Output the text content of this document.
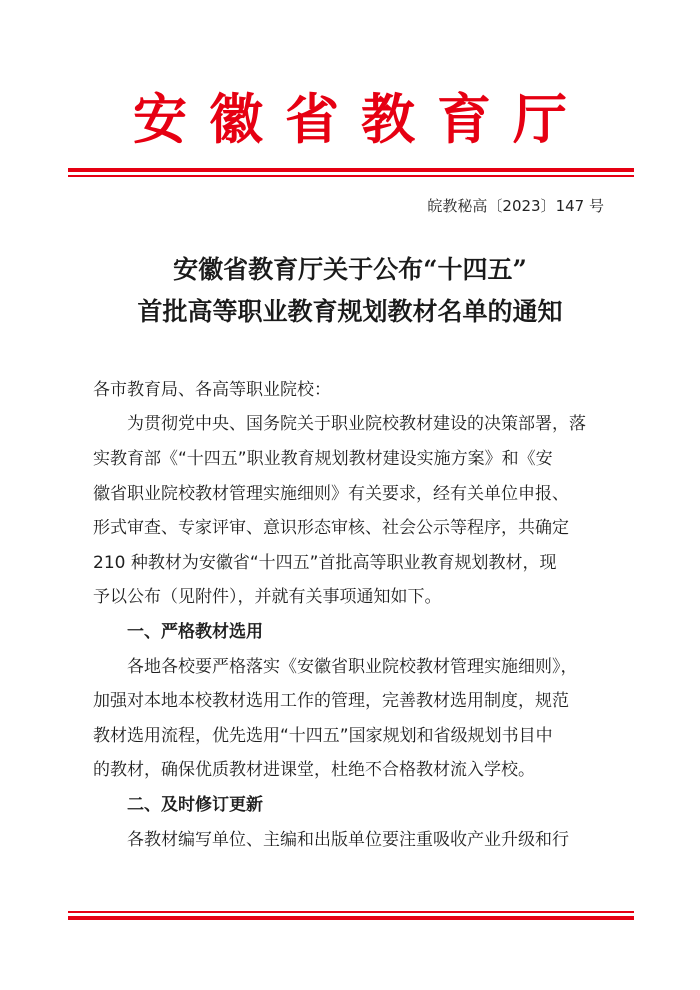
安徽省教育厅
皖教秘高〔2023〕147 号
安徽省教育厅关于公布“十四五”
首批高等职业教育规划教材名单的通知
各市教育局、各高等职业院校：
为贯彻党中央、国务院关于职业院校教材建设的决策部署，落
实教育部《“十四五”职业教育规划教材建设实施方案》和《安
徽省职业院校教材管理实施细则》有关要求，经有关单位申报、
形式审查、专家评审、意识形态审核、社会公示等程序，共确定
210 种教材为安徽省“十四五”首批高等职业教育规划教材，现
予以公布（见附件），并就有关事项通知如下。
一、严格教材选用
各地各校要严格落实《安徽省职业院校教材管理实施细则》，
加强对本地本校教材选用工作的管理，完善教材选用制度，规范
教材选用流程，优先选用“十四五”国家规划和省级规划书目中
的教材，确保优质教材进课堂，杜绝不合格教材流入学校。
二、及时修订更新
各教材编写单位、主编和出版单位要注重吸收产业升级和行
